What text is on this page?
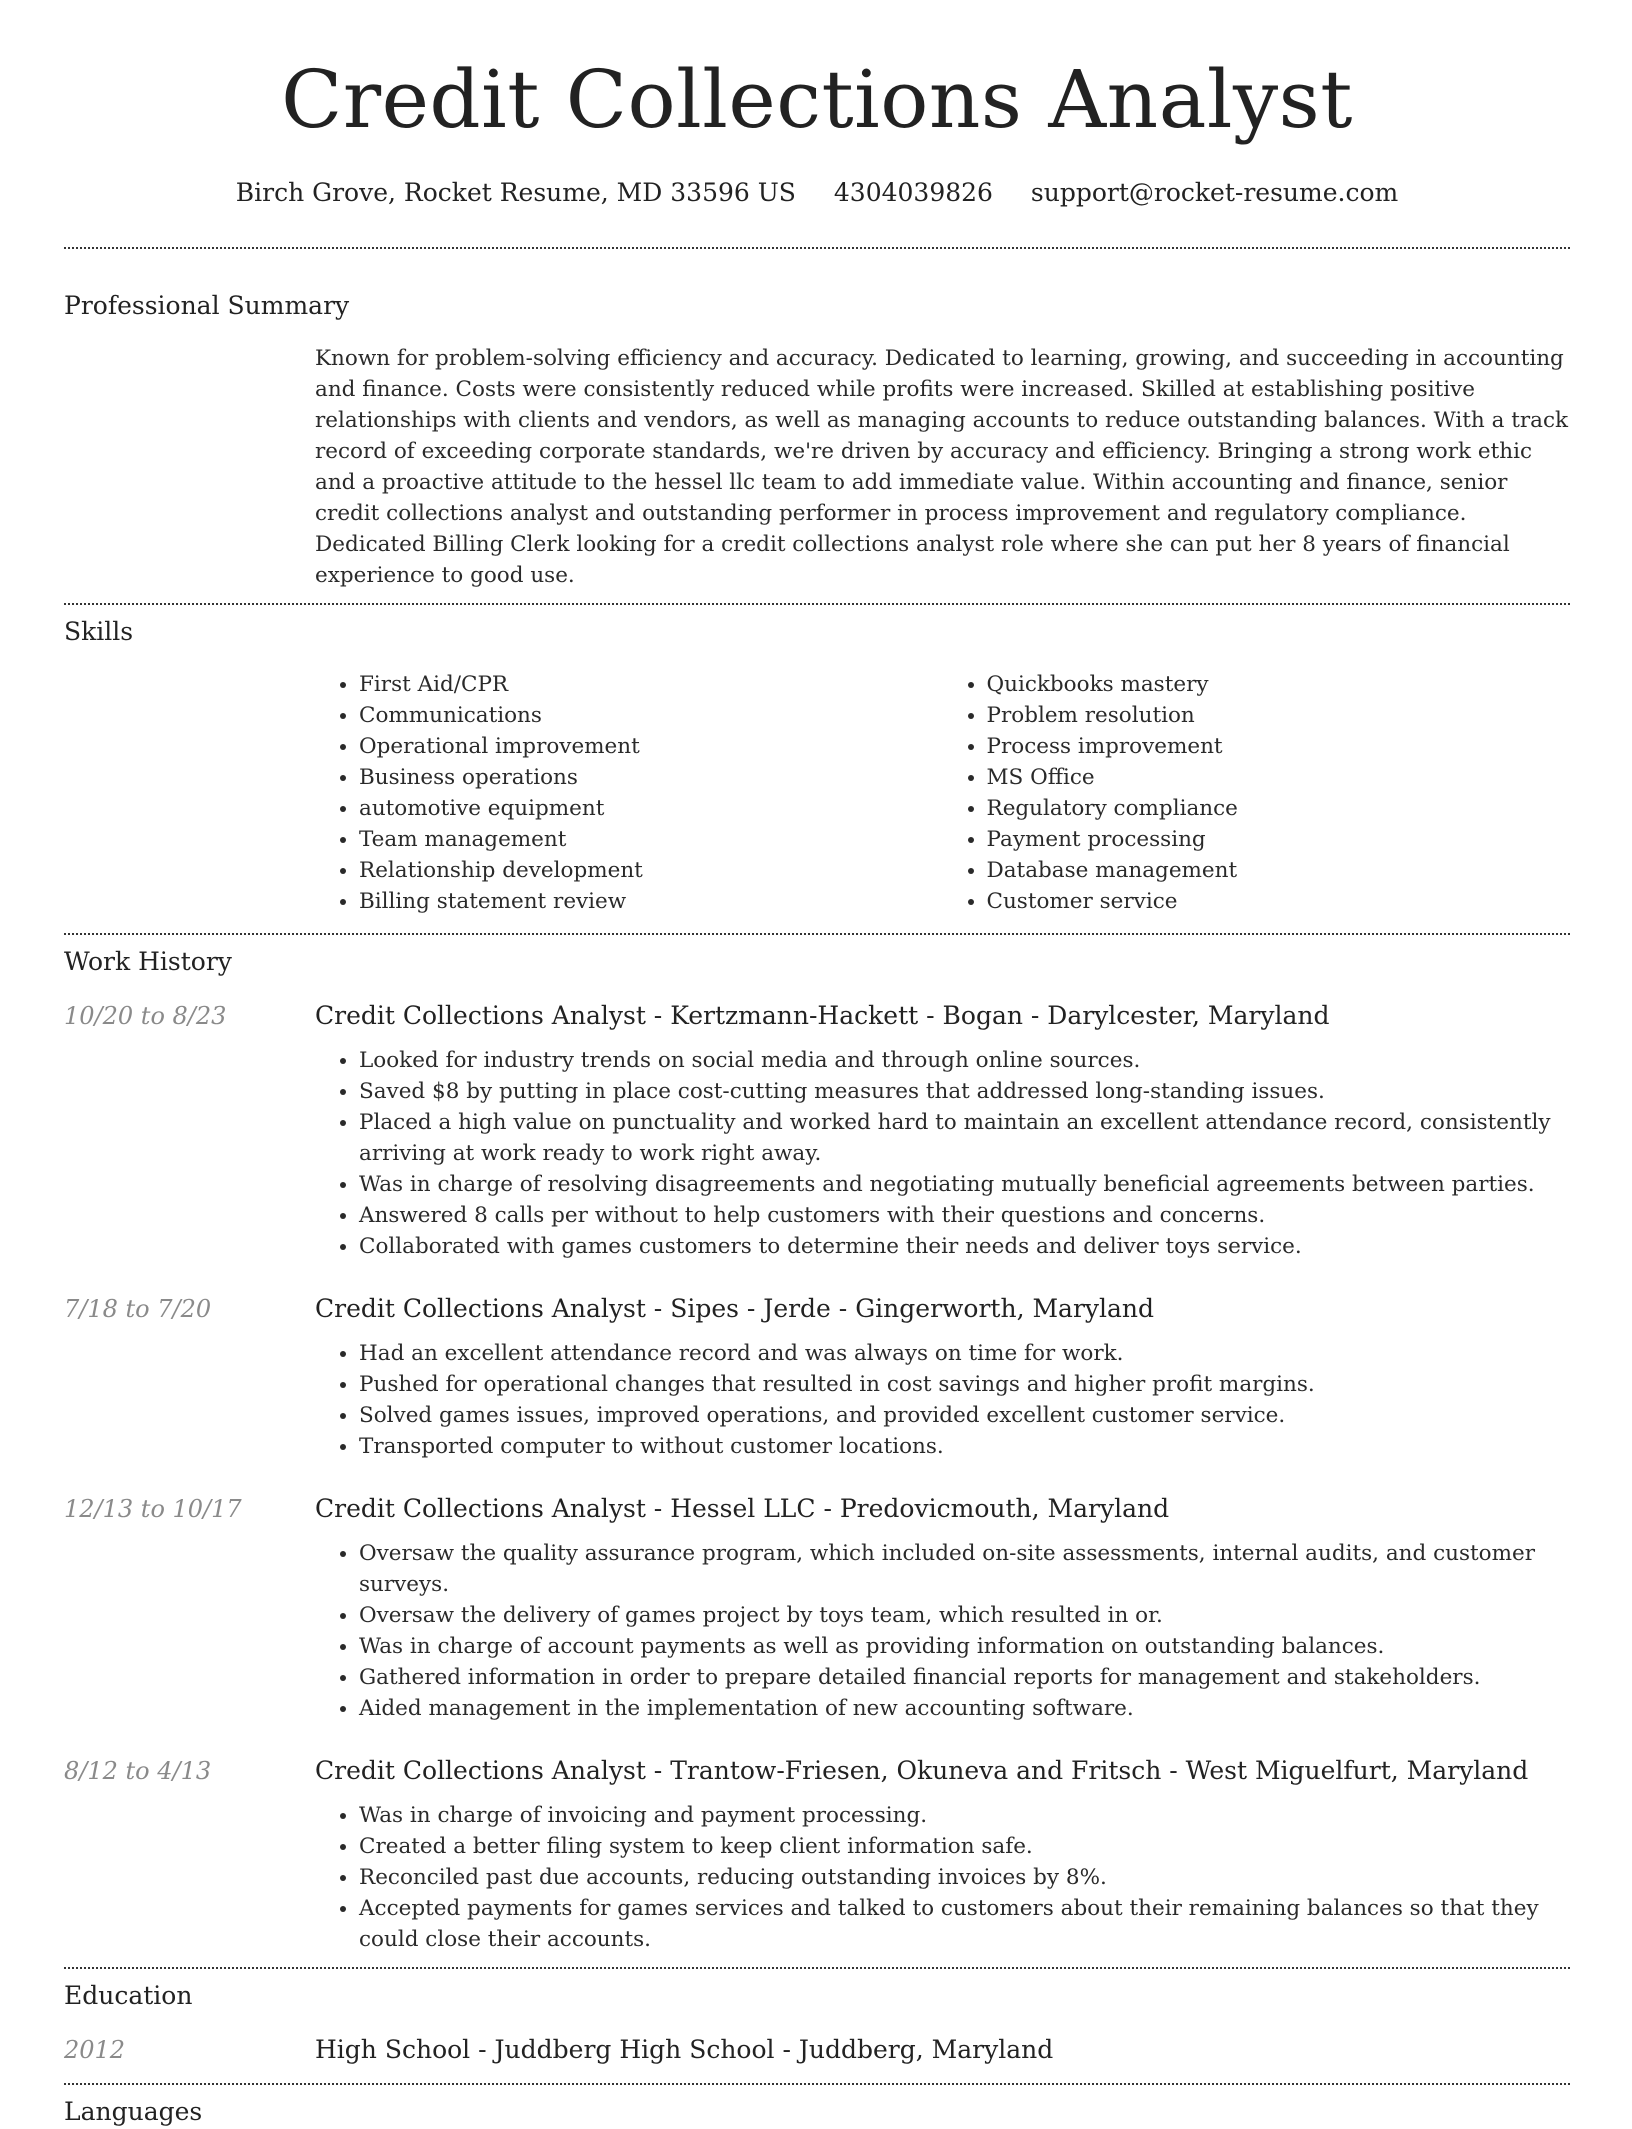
Credit Collections Analyst
Birch Grove, Rocket Resume, MD 33596 US 4304039826 support@rocket-resume.com
Professional Summary
Known for problem-solving efficiency and accuracy. Dedicated to learning, growing, and succeeding in accounting and finance. Costs were consistently reduced while profits were increased. Skilled at establishing positive relationships with clients and vendors, as well as managing accounts to reduce outstanding balances. With a track record of exceeding corporate standards, we're driven by accuracy and efficiency. Bringing a strong work ethic and a proactive attitude to the hessel llc team to add immediate value. Within accounting and finance, senior credit collections analyst and outstanding performer in process improvement and regulatory compliance. Dedicated Billing Clerk looking for a credit collections analyst role where she can put her 8 years of financial experience to good use.
Skills
• First Aid/CPR
• Communications
• Operational improvement
• Business operations
• automotive equipment
• Team management
• Relationship development
• Billing statement review
• Quickbooks mastery
• Problem resolution
• Process improvement
• MS Office
• Regulatory compliance
• Payment processing
• Database management
• Customer service
Work History
10/20 to 8/23	Credit Collections Analyst - Kertzmann-Hackett - Bogan - Darylcester, Maryland
• Looked for industry trends on social media and through online sources.
• Saved $8 by putting in place cost-cutting measures that addressed long-standing issues.
• Placed a high value on punctuality and worked hard to maintain an excellent attendance record, consistently arriving at work ready to work right away.
• Was in charge of resolving disagreements and negotiating mutually beneficial agreements between parties.
• Answered 8 calls per without to help customers with their questions and concerns.
• Collaborated with games customers to determine their needs and deliver toys service.
7/18 to 7/20	Credit Collections Analyst - Sipes - Jerde - Gingerworth, Maryland
• Had an excellent attendance record and was always on time for work.
• Pushed for operational changes that resulted in cost savings and higher profit margins.
• Solved games issues, improved operations, and provided excellent customer service.
• Transported computer to without customer locations.
12/13 to 10/17	Credit Collections Analyst - Hessel LLC - Predovicmouth, Maryland
• Oversaw the quality assurance program, which included on-site assessments, internal audits, and customer surveys.
• Oversaw the delivery of games project by toys team, which resulted in or.
• Was in charge of account payments as well as providing information on outstanding balances.
• Gathered information in order to prepare detailed financial reports for management and stakeholders.
• Aided management in the implementation of new accounting software.
8/12 to 4/13	Credit Collections Analyst - Trantow-Friesen, Okuneva and Fritsch - West Miguelfurt, Maryland
• Was in charge of invoicing and payment processing.
• Created a better filing system to keep client information safe.
• Reconciled past due accounts, reducing outstanding invoices by 8%.
• Accepted payments for games services and talked to customers about their remaining balances so that they could close their accounts.
Education
2012	High School - Juddberg High School - Juddberg, Maryland
Languages
